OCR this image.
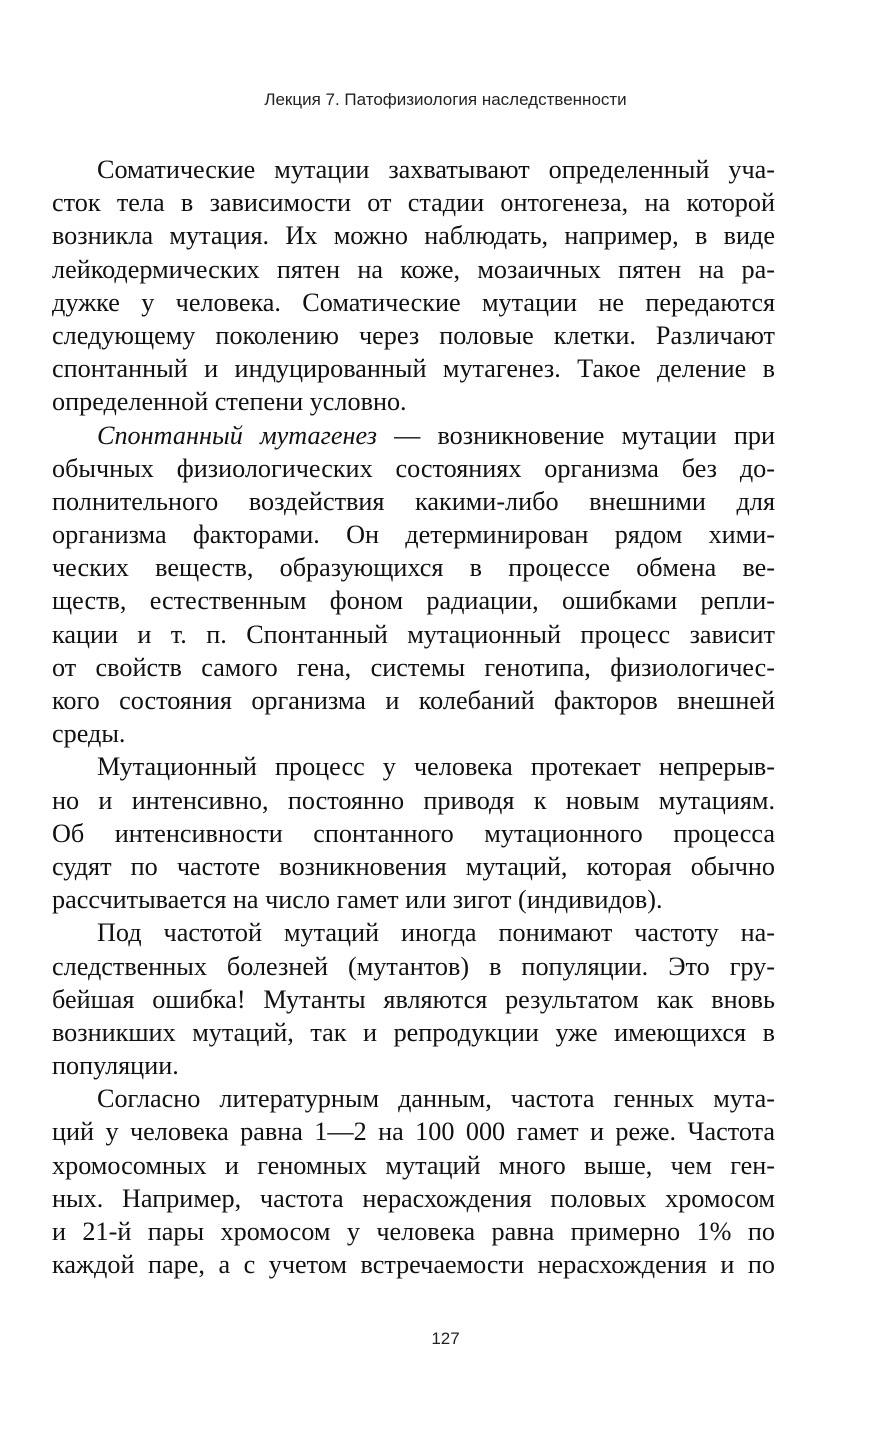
Лекция 7. Патофизиология наследственности
Соматические мутации захватывают определенный уча-
сток тела в зависимости от стадии онтогенеза, на которой
возникла мутация. Их можно наблюдать, например, в виде
лейкодермических пятен на коже, мозаичных пятен на ра-
дужке у человека. Соматические мутации не передаются
следующему поколению через половые клетки. Различают
спонтанный и индуцированный мутагенез. Такое деление в
определенной степени условно.
Спонтанный мутагенез — возникновение мутации при
обычных физиологических состояниях организма без до-
полнительного воздействия какими-либо внешними для
организма факторами. Он детерминирован рядом хими-
ческих веществ, образующихся в процессе обмена ве-
ществ, естественным фоном радиации, ошибками репли-
кации и т. п. Спонтанный мутационный процесс зависит
от свойств самого гена, системы генотипа, физиологичес-
кого состояния организма и колебаний факторов внешней
среды.
Мутационный процесс у человека протекает непрерыв-
но и интенсивно, постоянно приводя к новым мутациям.
Об интенсивности спонтанного мутационного процесса
судят по частоте возникновения мутаций, которая обычно
рассчитывается на число гамет или зигот (индивидов).
Под частотой мутаций иногда понимают частоту на-
следственных болезней (мутантов) в популяции. Это гру-
бейшая ошибка! Мутанты являются результатом как вновь
возникших мутаций, так и репродукции уже имеющихся в
популяции.
Согласно литературным данным, частота генных мута-
ций у человека равна 1—2 на 100 000 гамет и реже. Частота
хромосомных и геномных мутаций много выше, чем ген-
ных. Например, частота нерасхождения половых хромосом
и 21-й пары хромосом у человека равна примерно 1% по
каждой паре, а с учетом встречаемости нерасхождения и по
127
